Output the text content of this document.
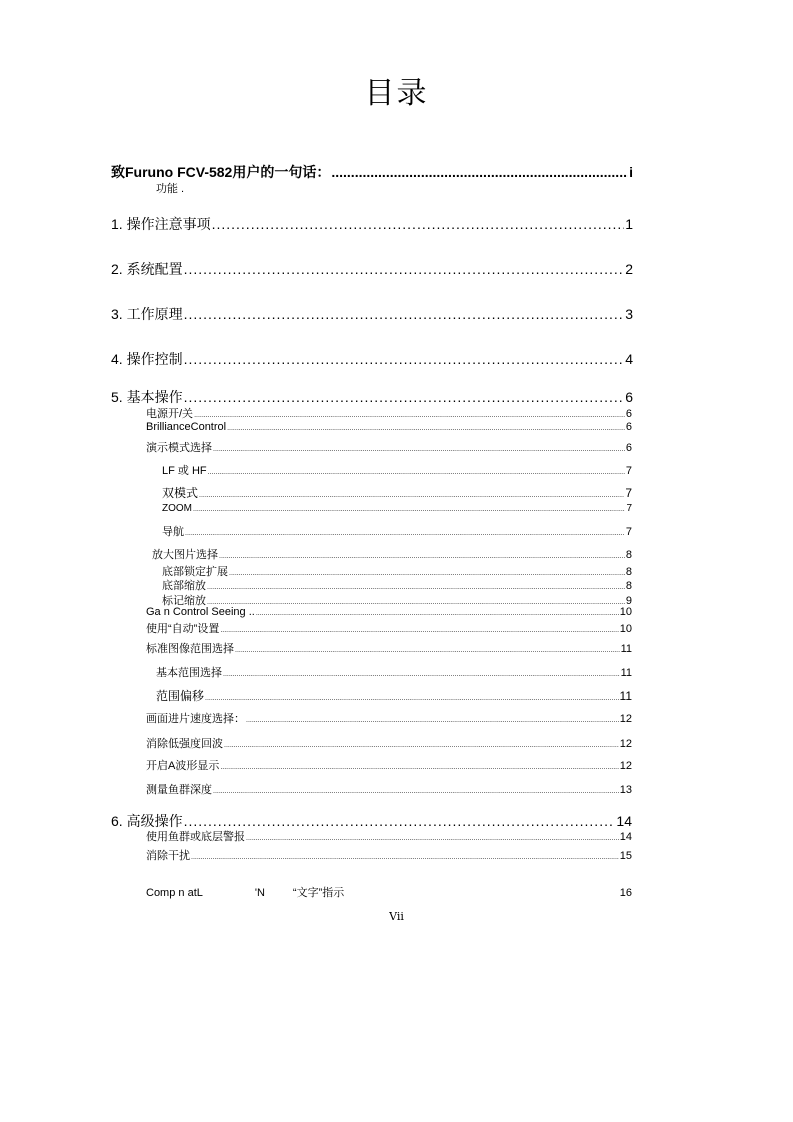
目录
致Furuno FCV-582用户的一句话： .....	i
功能 .
1. 操作注意事项 .....	1
2. 系统配置 .....	2
3. 工作原理 .....	3
4. 操作控制 .....	4
5. 基本操作 .....	6
电源开/关 .....	6
BrillianceControl .....	6
演示模式选择 .....	6
LF 或 HF .....	7
双模式 .....	7
ZOOM .....	7
导航 .....	7
放大图片选择 .....	8
底部锁定扩展 .....	8
底部缩放 .....	8
标记缩放 .....	9
Ga n Control Seeing .. .....	10
使用“自动”设置 .....	10
标准图像范围选择 .....	11
基本范围选择 .....	11
范围偏移 .....	11
画面进片速度选择： .....	12
消除低强度回波 .....	12
开启A波形显示 .....	12
测量鱼群深度 .....	13
6. 高级操作 .....	14
使用鱼群或底层警报 .....	14
消除干扰 .....	15
Comp n atL	'N	“文字”指示	16
Vii
